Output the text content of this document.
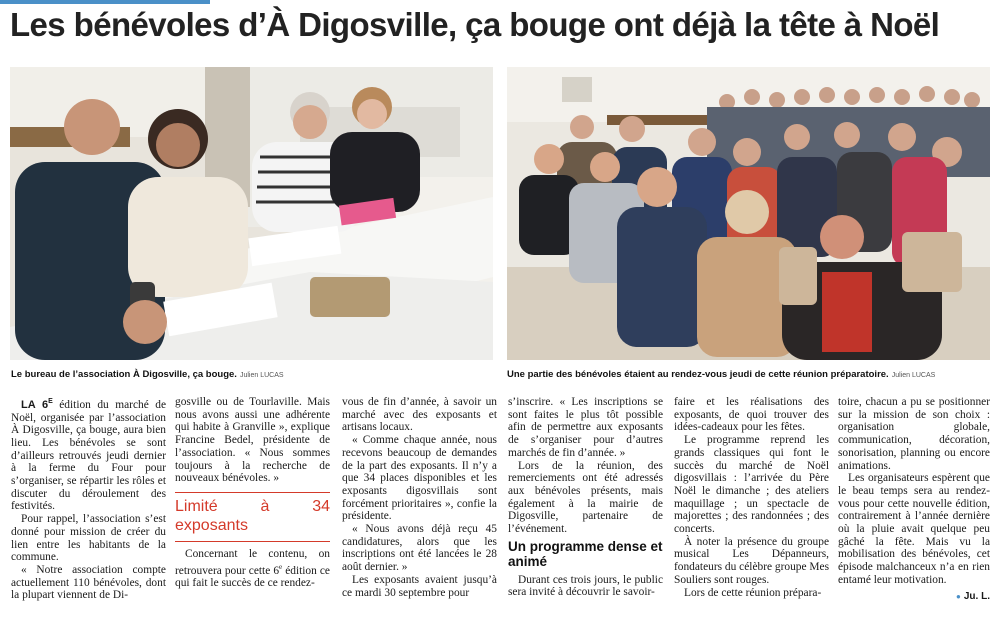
Les bénévoles d’À Digosville, ça bouge ont déjà la tête à Noël
Le bureau de l’association À Digosville, ça bouge. Julien LUCAS	Une partie des bénévoles étaient au rendez-vous jeudi de cette réunion préparatoire. Julien LUCAS

LA $6^E$ édition du marché de Noël, organisée par l’association À Digosville, ça bouge, aura bien lieu. Les bénévoles se sont d’ailleurs retrouvés jeudi dernier à la ferme du Four pour s’organiser, se répartir les rôles et discuter du déroulement des festivités.

Pour rappel, l’association s’est donné pour mission de créer du lien entre les habitants de la commune.

« Notre association compte actuellement 110 bénévoles, dont la plupart viennent de Di-

gosville ou de Tourlaville. Mais nous avons aussi une adhérente qui habite à Granville », explique Francine Bedel, présidente de l’association. « Nous sommes toujours à la recherche de nouveaux bénévoles. »

Limité à 34 exposants

Concernant le contenu, on retrouvera pour cette 6e édition ce qui fait le succès de ce rendez-

vous de fin d’année, à savoir un marché avec des exposants et artisans locaux.

« Comme chaque année, nous recevons beaucoup de demandes de la part des exposants. Il n’y a que 34 places disponibles et les exposants digosvillais sont forcément prioritaires », confie la présidente.

« Nous avons déjà reçu 45 candidatures, alors que les inscriptions ont été lancées le 28 août dernier. »

Les exposants avaient jusqu’à ce mardi 30 septembre pour

s’inscrire. « Les inscriptions se sont faites le plus tôt possible afin de permettre aux exposants de s’organiser pour d’autres marchés de fin d’année. »

Lors de la réunion, des remerciements ont été adressés aux bénévoles présents, mais également à la mairie de Digosville, partenaire de l’événement.

Un programme dense et animé

Durant ces trois jours, le public sera invité à découvrir le savoir-

faire et les réalisations des exposants, de quoi trouver des idées-cadeaux pour les fêtes.

Le programme reprend les grands classiques qui font le succès du marché de Noël digosvillais : l’arrivée du Père Noël le dimanche ; des ateliers maquillage ; un spectacle de majorettes ; des randonnées ; des concerts.

À noter la présence du groupe musical Les Dépanneurs, fondateurs du célèbre groupe Mes Souliers sont rouges.

Lors de cette réunion prépara-

toire, chacun a pu se positionner sur la mission de son choix : organisation globale, communication, décoration, sonorisation, planning ou encore animations.

Les organisateurs espèrent que le beau temps sera au rendez-vous pour cette nouvelle édition, contrairement à l’année dernière où la pluie avait quelque peu gâché la fête. Mais vu la mobilisation des bénévoles, cet épisode malchanceux n’a en rien entamé leur motivation.

● Ju. L.
